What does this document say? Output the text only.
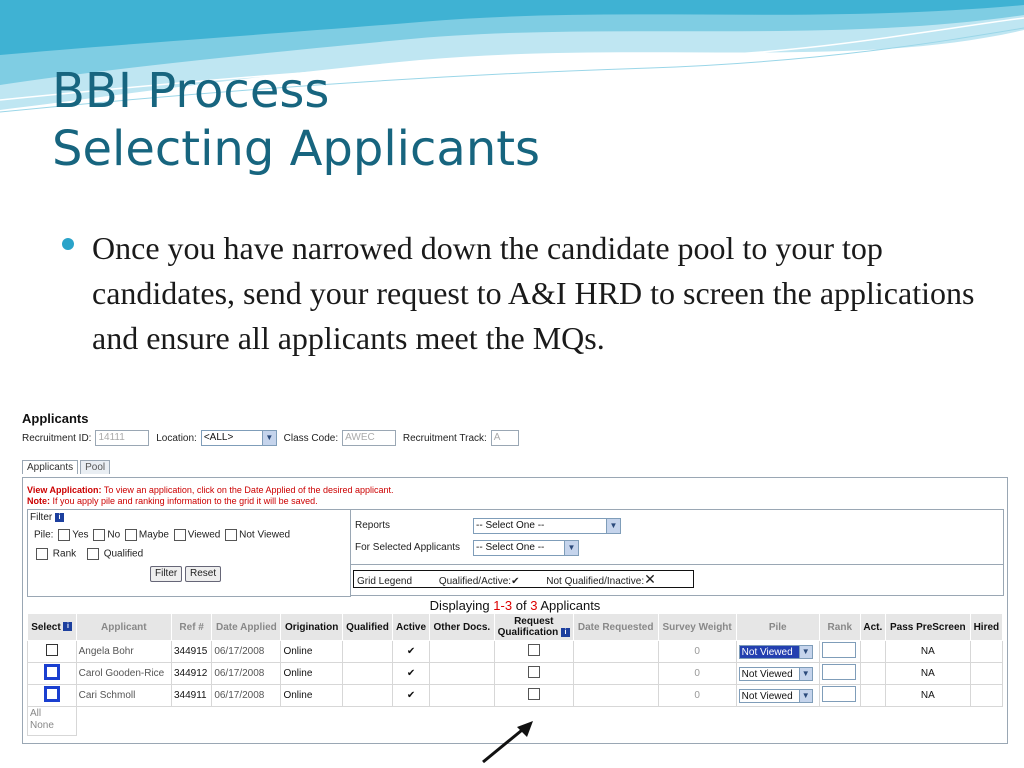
BBI Process
Selecting Applicants
Once you have narrowed down the candidate pool to your top candidates, send your request to A&I HRD to screen the applications and ensure all applicants meet the MQs.
Applicants
Recruitment ID: 14111	Location: <ALL>	▼ Class Code: AWEC	Recruitment Track: A
Applicants Pool
View Application: To view an application, click on the Date Applied of the desired applicant.
Note: If you apply pile and ranking information to the grid it will be saved.
Filter i
Pile: Yes No Maybe Viewed Not Viewed
Rank	Qualified
Filter Reset
Reports	-- Select One --	▼
For Selected Applicants	-- Select One --	▼
Grid Legend	Qualified/Active:✔	Not Qualified/Inactive:✕
Displaying 1-3 of 3 Applicants
Select i	Applicant	Ref #	Date Applied	Origination	Qualified	Active	Other Docs.	Request Qualification i	Date Requested	Survey Weight	Pile	Rank	Act.	Pass PreScreen	Hired
	Angela Bohr	344915	06/17/2008	Online		✔				0	Not Viewed ▼			NA	
	Carol Gooden-Rice	344912	06/17/2008	Online		✔				0	Not Viewed ▼			NA	
	Cari Schmoll	344911	06/17/2008	Online		✔				0	Not Viewed ▼			NA	
All
None															
